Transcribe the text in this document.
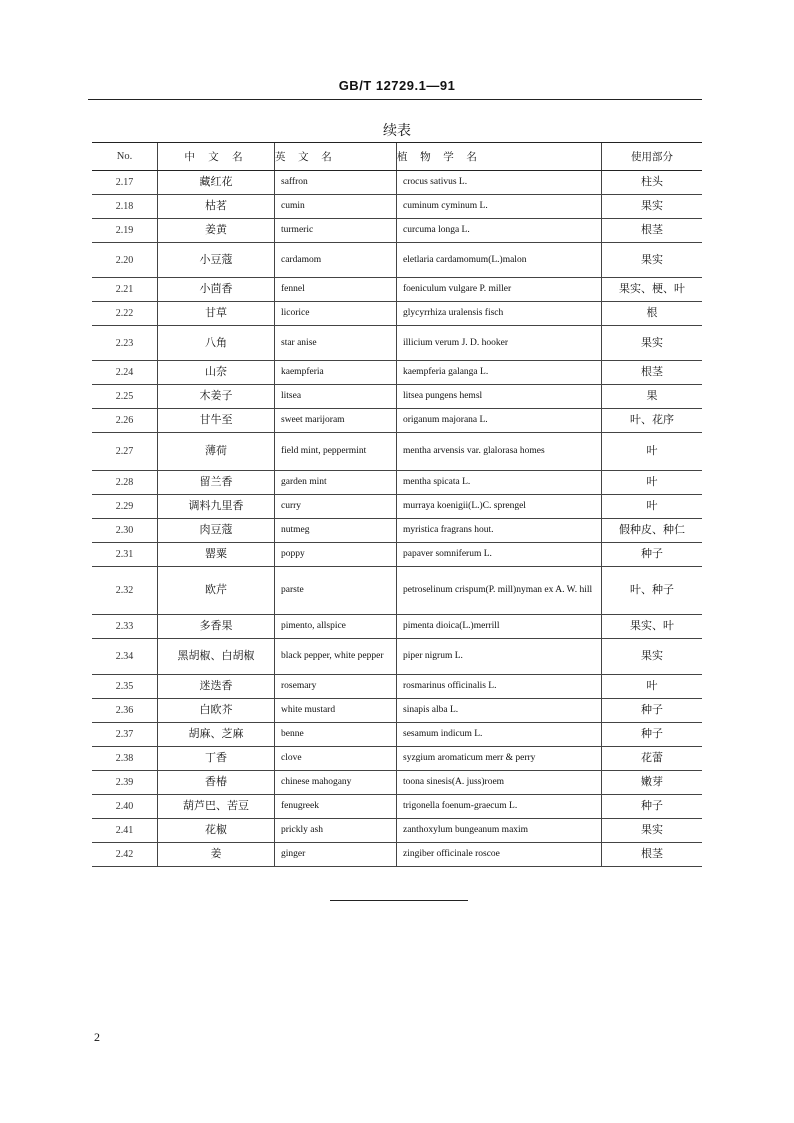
GB/T 12729.1—91
续表
No.	中 文 名	英 文 名	植 物 学 名	使用部分
2.17	藏红花	saffron	crocus sativus L.	柱头
2.18	枯茗	cumin	cuminum cyminum L.	果实
2.19	姜黄	turmeric	curcuma longa L.	根茎
2.20	小豆蔻	cardamom	eletlaria cardamomum(L.)malon	果实
2.21	小茴香	fennel	foeniculum vulgare P. miller	果实、梗、叶
2.22	甘草	licorice	glycyrrhiza uralensis fisch	根
2.23	八角	star anise	illicium verum J. D. hooker	果实
2.24	山奈	kaempferia	kaempferia galanga L.	根茎
2.25	木姜子	litsea	litsea pungens hemsl	果
2.26	甘牛至	sweet marijoram	origanum majorana L.	叶、花序
2.27	薄荷	field mint, peppermint	mentha arvensis var. glalorasa homes	叶
2.28	留兰香	garden mint	mentha spicata L.	叶
2.29	调料九里香	curry	murraya koenigii(L.)C. sprengel	叶
2.30	肉豆蔻	nutmeg	myristica fragrans hout.	假种皮、种仁
2.31	罂粟	poppy	papaver somniferum L.	种子
2.32	欧芹	parste	petroselinum crispum(P. mill)nyman ex A. W. hill	叶、种子
2.33	多香果	pimento, allspice	pimenta dioica(L.)merrill	果实、叶
2.34	黑胡椒、白胡椒	black pepper, white pepper	piper nigrum L.	果实
2.35	迷迭香	rosemary	rosmarinus officinalis L.	叶
2.36	白欧芥	white mustard	sinapis alba L.	种子
2.37	胡麻、芝麻	benne	sesamum indicum L.	种子
2.38	丁香	clove	syzgium aromaticum merr & perry	花蕾
2.39	香椿	chinese mahogany	toona sinesis(A. juss)roem	嫩芽
2.40	葫芦巴、苦豆	fenugreek	trigonella foenum-graecum L.	种子
2.41	花椒	prickly ash	zanthoxylum bungeanum maxim	果实
2.42	姜	ginger	zingiber officinale roscoe	根茎
2
